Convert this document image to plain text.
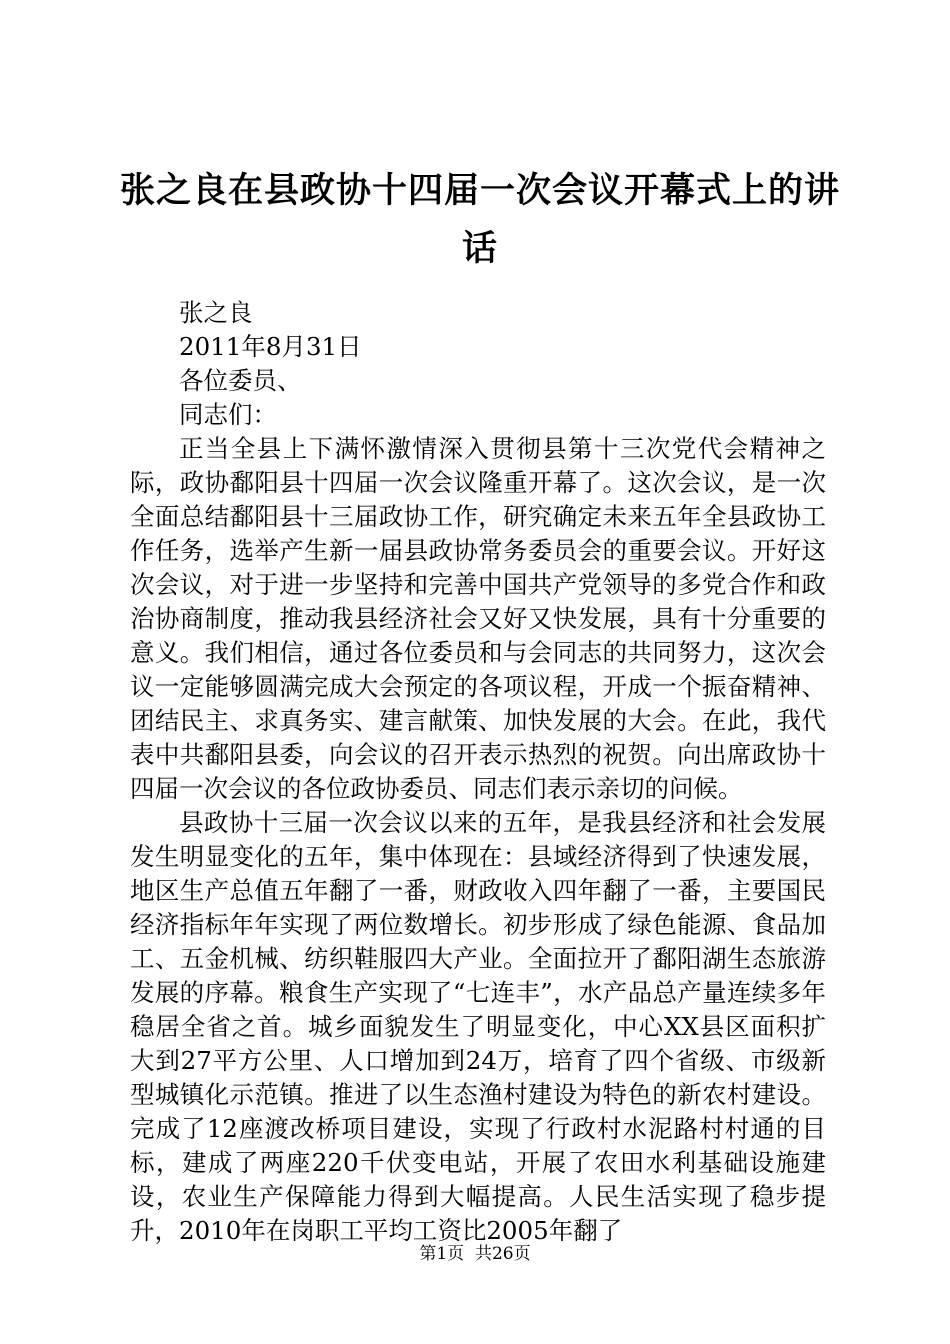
张之良在县政协十四届一次会议开幕式上的讲话

张之良

2011年8月31日

各位委员、

同志们：

正当全县上下满怀激情深入贯彻县第十三次党代会精神之际，政协鄱阳县十四届一次会议隆重开幕了。这次会议，是一次全面总结鄱阳县十三届政协工作，研究确定未来五年全县政协工作任务，选举产生新一届县政协常务委员会的重要会议。开好这次会议，对于进一步坚持和完善中国共产党领导的多党合作和政治协商制度，推动我县经济社会又好又快发展，具有十分重要的意义。我们相信，通过各位委员和与会同志的共同努力，这次会议一定能够圆满完成大会预定的各项议程，开成一个振奋精神、团结民主、求真务实、建言献策、加快发展的大会。在此，我代表中共鄱阳县委，向会议的召开表示热烈的祝贺。向出席政协十四届一次会议的各位政协委员、同志们表示亲切的问候。

县政协十三届一次会议以来的五年，是我县经济和社会发展发生明显变化的五年，集中体现在：县域经济得到了快速发展，地区生产总值五年翻了一番，财政收入四年翻了一番，主要国民经济指标年年实现了两位数增长。初步形成了绿色能源、食品加工、五金机械、纺织鞋服四大产业。全面拉开了鄱阳湖生态旅游发展的序幕。粮食生产实现了“七连丰”，水产品总产量连续多年稳居全省之首。城乡面貌发生了明显变化，中心XX县区面积扩大到27平方公里、人口增加到24万，培育了四个省级、市级新型城镇化示范镇。推进了以生态渔村建设为特色的新农村建设。完成了12座渡改桥项目建设，实现了行政村水泥路村村通的目标，建成了两座220千伏变电站，开展了农田水利基础设施建设，农业生产保障能力得到大幅提高。人民生活实现了稳步提升，2010年在岗职工平均工资比2005年翻了

第1页  共26页
